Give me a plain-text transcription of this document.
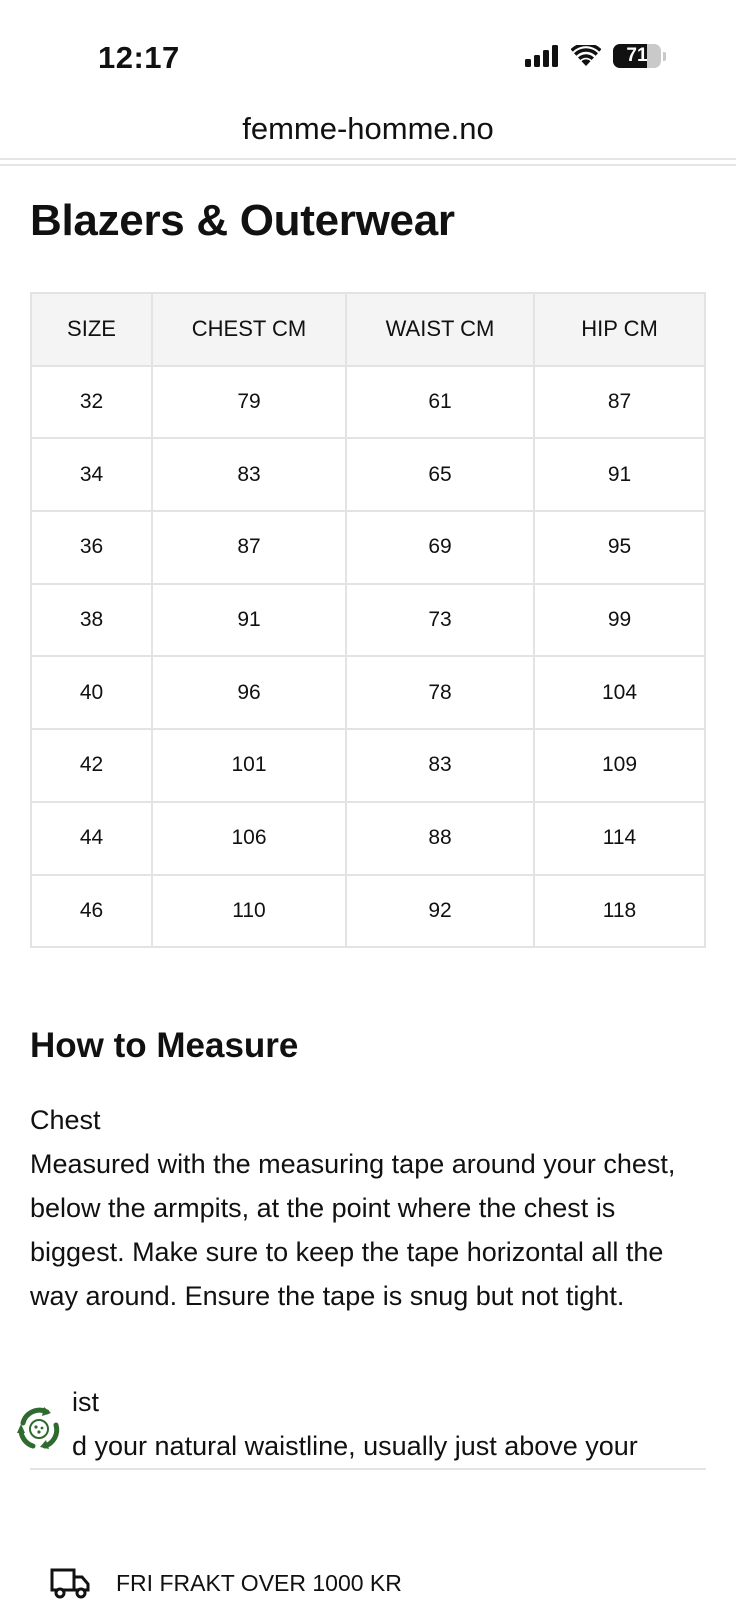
12:17	71
femme-homme.no
Blazers & Outerwear
SIZE	CHEST CM	WAIST CM	HIP CM
32	79	61	87
34	83	65	91
36	87	69	95
38	91	73	99
40	96	78	104
42	101	83	109
44	106	88	114
46	110	92	118
How to Measure
Chest
Measured with the measuring tape around your chest, below the armpits, at the point where the chest is biggest. Make sure to keep the tape horizontal all the way around. Ensure the tape is snug but not tight.
ist
d your natural waistline, usually just above your
FRI FRAKT OVER 1000 KR
